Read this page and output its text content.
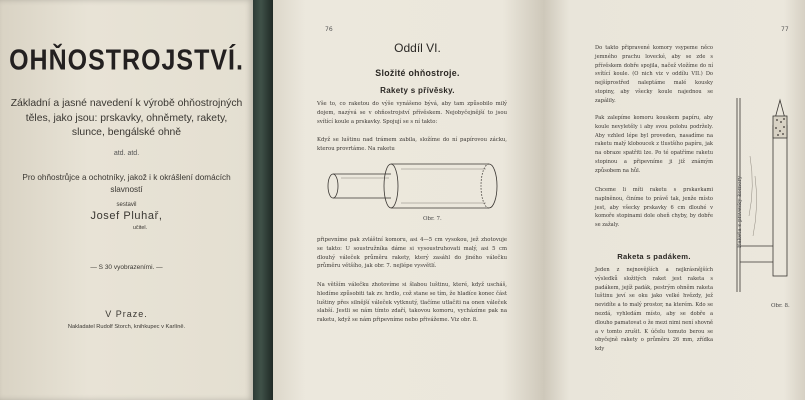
OHŇOSTROJSTVÍ.
Základní a jasné navedení k výrobě ohňostrojných těles, jako jsou: prskavky, ohněmety, rakety, slunce, bengálské ohně
atd. atd.
Pro ohňostrůjce a ochotníky, jakož i k okrášlení domácích slavností
sestavil
Josef Pluhař,
učitel.
— S 30 vyobrazeními. —
V Praze.
Nakladatel Rudolf Storch, knihkupec v Karlíně.
76
Oddíl VI.
Složité ohňostroje.
Rakety s přívěsky.
Vše to, co raketou do výše vynášeno bývá, aby tam způsobilo milý dojem, nazývá se v ohňostrojství přívěskem. Nejobyčejnější to jsou svítící koule a prskavky. Spojují se s ní takto:
Když se luštinu nad trámem zabila, složíme do ní papírovou zácku, kterou provrtáme. Na raketu
Obr. 7.
připevníme pak zvláštní komoru, asi 4—5 cm vysokou, jež zhotovuje se takto: U soustružníka dáme si vysoustruhovati malý, asi 5 cm dlouhý váleček průměru rakety, který zasáhl do jiného válečku průměru většího, jak obr. 7. nejlépe vysvětlí.
Na větším válečku zhotovíme si šlabou luštinu, které, když uscháš, hledíme způsobiti tak zv. hrdlo, což stane se tím, že hladíce konec část luštiny přes silnější váleček vytknutý, tlačíme utlačiti na onen váleček slabší. Jestli se nám tímto zdaří, takovou komoru, vycházíme pak na raketu, když se nám připevníme nebo přivážeme. Viz obr. 8.
77
Do takto připravené komory vsypeme něco jemného prachu lovecké, aby se zde s přívěskem dobře spojila, načež vložíme do ní svítící koule. (O nich viz v oddílu VII.) Do nejšíprostřed naleptáme malé kousky stopiny, aby všecky koule najednou se zapálily.
Pak zalepíme komoru kouskem papíru, aby koule nevyletěly i aby svou polohu podržely. Aby vzhled lépe byl proveden, nasadíme na raketu malý kloboucek z tlustšího papíru, jak na obraze spatřiti lze. Po té opatříme raketu stopinou a připevníme ji již známým způsobem na hůl.
Chceme li míti raketu s prskavkami naplněnou, činíme to právě tak, jenže místo jest, aby všecky prskavky 6 cm dlouhé v komoře stopinami dole oheň chyby, by dobře se zažaly.
Raketa s padákem.
Jeden z nejnovějších a nejkrásnějších výsledků složitých raket jest raketa s padákem, jejíž padák, pestrým ohněm raketa luštinu jeví se oku jako velké hvězdy, jež nevidíte a to malý prostor, na kterém. Kdo se nezdá, vyhledám místo, aby se dobře a dlouho pamatovat o že mezi nimi není shovně a v tomto zrušit. K účelu tomuto berou se obyčejně rakety o průměru 26 mm, zřídka kdy
Raketa s přívěsky komory
Obr. 8.
